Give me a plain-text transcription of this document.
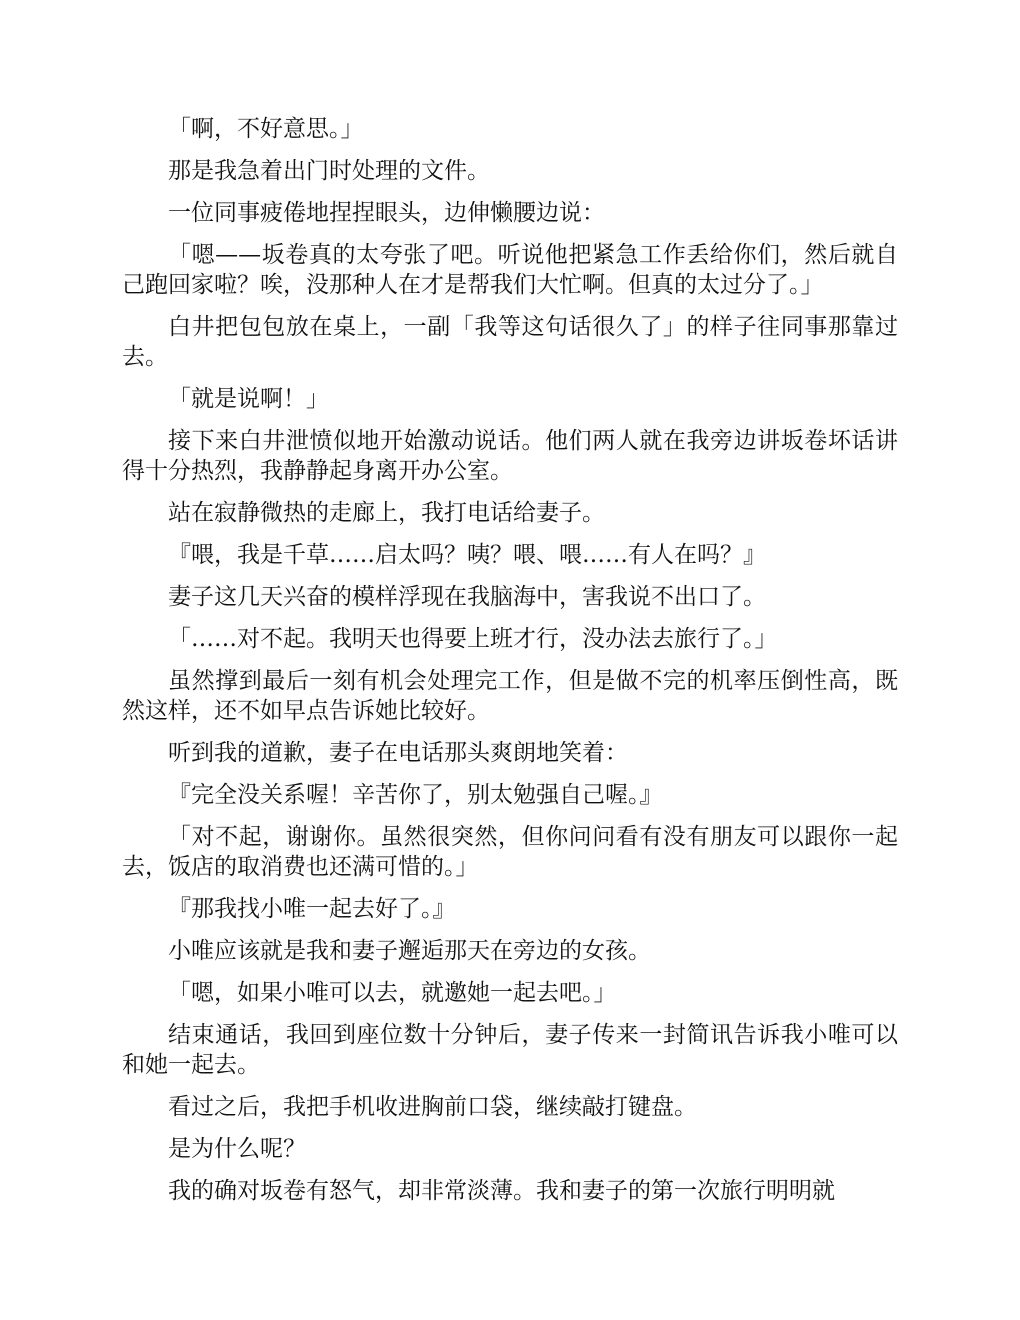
「啊，不好意思。」

那是我急着出门时处理的文件。

一位同事疲倦地捏捏眼头，边伸懒腰边说：

「嗯——坂卷真的太夸张了吧。听说他把紧急工作丢给你们，然后就自己跑回家啦？唉，没那种人在才是帮我们大忙啊。但真的太过分了。」

白井把包包放在桌上，一副「我等这句话很久了」的样子往同事那靠过去。

「就是说啊！」

接下来白井泄愤似地开始激动说话。他们两人就在我旁边讲坂卷坏话讲得十分热烈，我静静起身离开办公室。

站在寂静微热的走廊上，我打电话给妻子。

『喂，我是千草……启太吗？咦？喂、喂……有人在吗？』

妻子这几天兴奋的模样浮现在我脑海中，害我说不出口了。

「……对不起。我明天也得要上班才行，没办法去旅行了。」

虽然撑到最后一刻有机会处理完工作，但是做不完的机率压倒性高，既然这样，还不如早点告诉她比较好。

听到我的道歉，妻子在电话那头爽朗地笑着：

『完全没关系喔！辛苦你了，别太勉强自己喔。』

「对不起，谢谢你。虽然很突然，但你问问看有没有朋友可以跟你一起去，饭店的取消费也还满可惜的。」

『那我找小唯一起去好了。』

小唯应该就是我和妻子邂逅那天在旁边的女孩。

「嗯，如果小唯可以去，就邀她一起去吧。」

结束通话，我回到座位数十分钟后，妻子传来一封简讯告诉我小唯可以和她一起去。

看过之后，我把手机收进胸前口袋，继续敲打键盘。

是为什么呢？

我的确对坂卷有怒气，却非常淡薄。我和妻子的第一次旅行明明就
